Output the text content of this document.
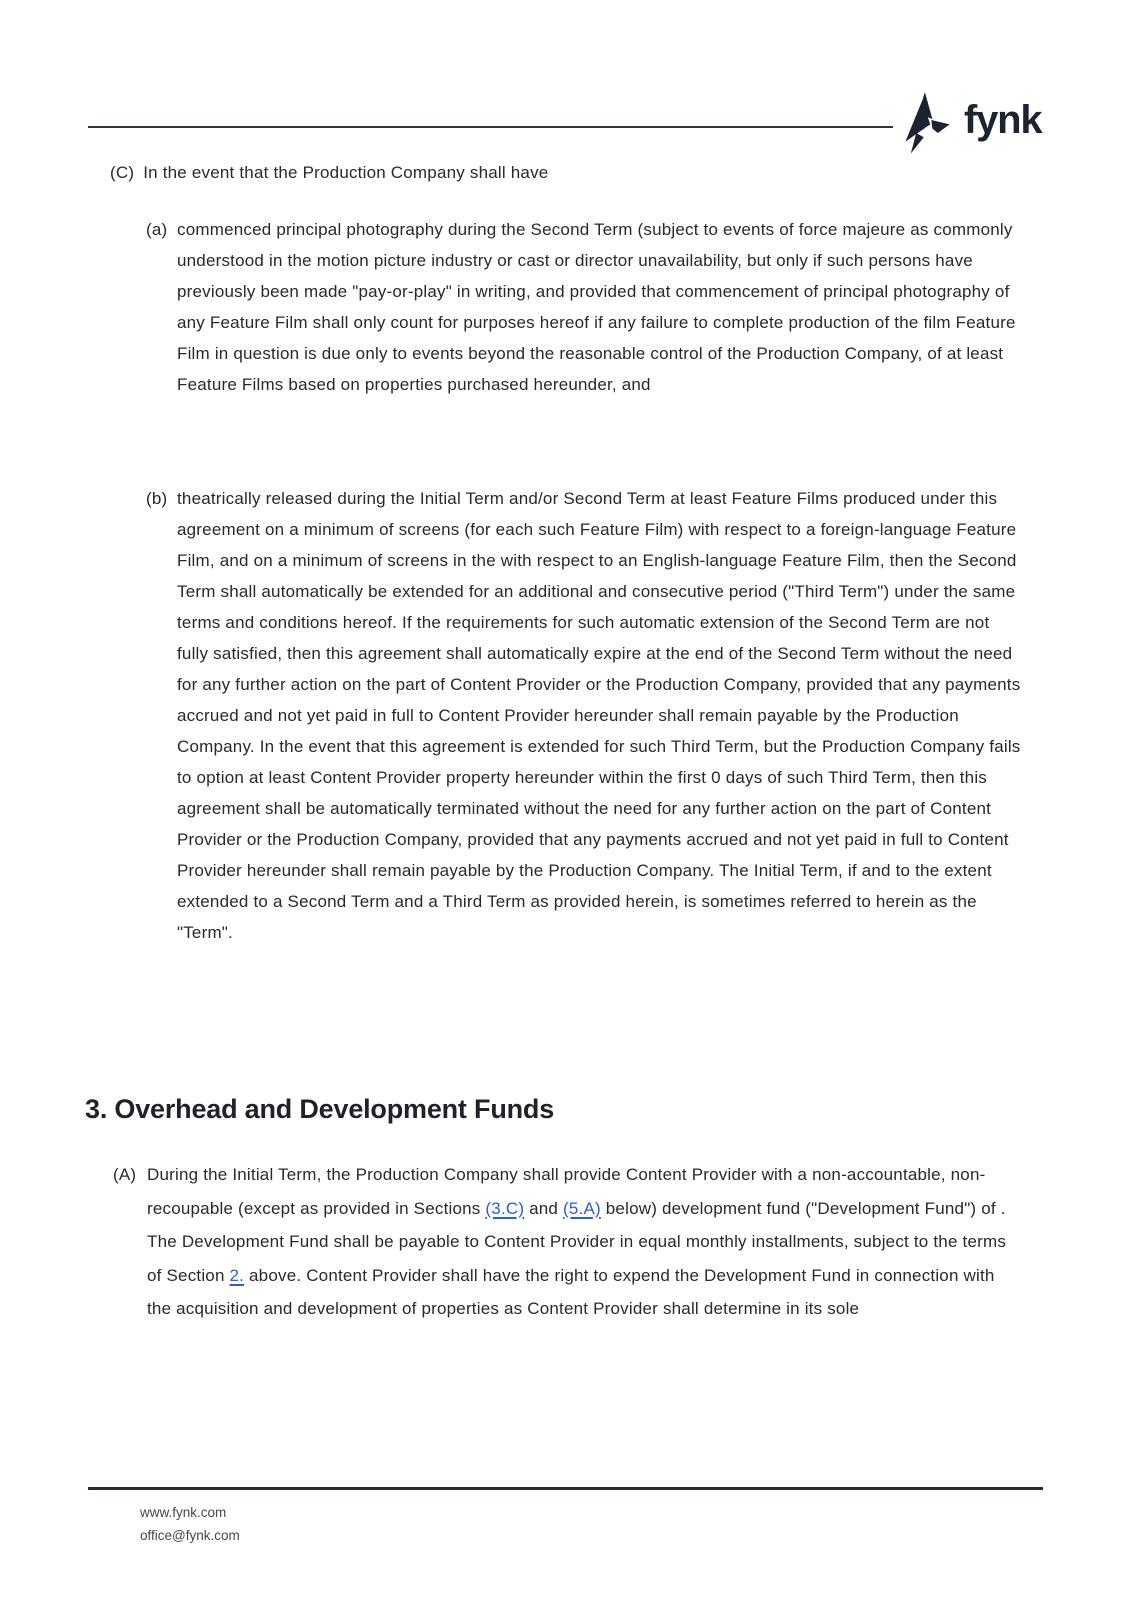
fynk
(C) In the event that the Production Company shall have
(a) commenced principal photography during the Second Term (subject to events of force majeure as commonly understood in the motion picture industry or cast or director unavailability, but only if such persons have previously been made "pay-or-play" in writing, and provided that commencement of principal photography of any Feature Film shall only count for purposes hereof if any failure to complete production of the film Feature Film in question is due only to events beyond the reasonable control of the Production Company, of at least Feature Films based on properties purchased hereunder, and

(b) theatrically released during the Initial Term and/or Second Term at least Feature Films produced under this agreement on a minimum of screens (for each such Feature Film) with respect to a foreign-language Feature Film, and on a minimum of screens in the with respect to an English-language Feature Film, then the Second Term shall automatically be extended for an additional and consecutive period ("Third Term") under the same terms and conditions hereof. If the requirements for such automatic extension of the Second Term are not fully satisfied, then this agreement shall automatically expire at the end of the Second Term without the need for any further action on the part of Content Provider or the Production Company, provided that any payments accrued and not yet paid in full to Content Provider hereunder shall remain payable by the Production Company. In the event that this agreement is extended for such Third Term, but the Production Company fails to option at least Content Provider property hereunder within the first 0 days of such Third Term, then this agreement shall be automatically terminated without the need for any further action on the part of Content Provider or the Production Company, provided that any payments accrued and not yet paid in full to Content Provider hereunder shall remain payable by the Production Company. The Initial Term, if and to the extent extended to a Second Term and a Third Term as provided herein, is sometimes referred to herein as the "Term".

3. Overhead and Development Funds
(A) During the Initial Term, the Production Company shall provide Content Provider with a non-accountable, non-recoupable (except as provided in Sections (3.C) and (5.A) below) development fund ("Development Fund") of . The Development Fund shall be payable to Content Provider in equal monthly installments, subject to the terms of Section 2. above. Content Provider shall have the right to expend the Development Fund in connection with the acquisition and development of properties as Content Provider shall determine in its sole

www.fynk.com
office@fynk.com
